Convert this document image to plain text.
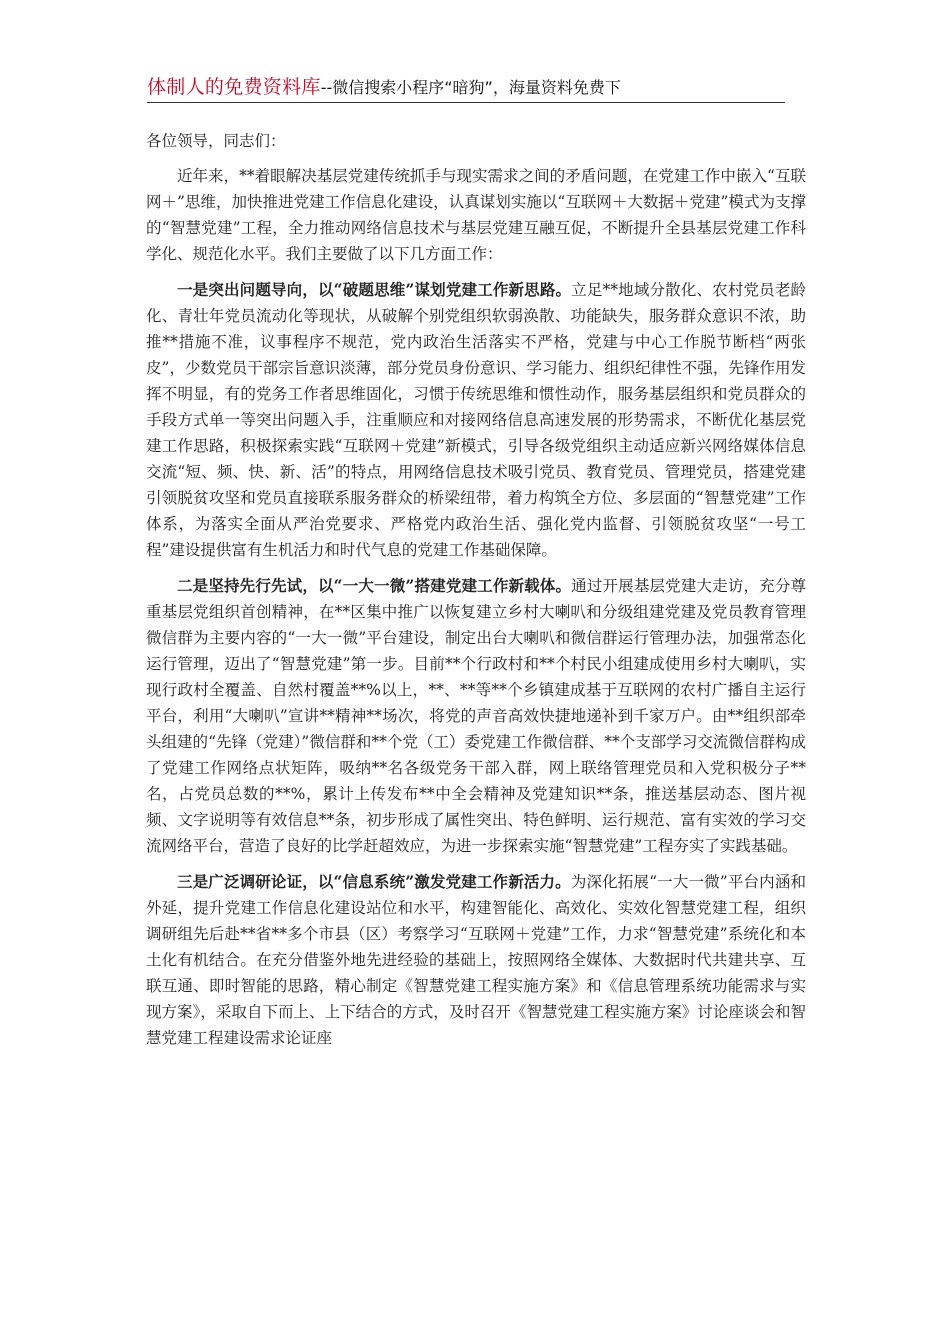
体制人的免费资料库--微信搜索小程序“暗狗”，海量资料免费下

各位领导，同志们：

近年来，**着眼解决基层党建传统抓手与现实需求之间的矛盾问题，在党建工作中嵌入“互联网＋”思维，加快推进党建工作信息化建设，认真谋划实施以“互联网＋大数据＋党建”模式为支撑的“智慧党建”工程，全力推动网络信息技术与基层党建互融互促，不断提升全县基层党建工作科学化、规范化水平。我们主要做了以下几方面工作：

一是突出问题导向，以“破题思维”谋划党建工作新思路。立足**地域分散化、农村党员老龄化、青壮年党员流动化等现状，从破解个别党组织软弱涣散、功能缺失，服务群众意识不浓，助推**措施不准，议事程序不规范，党内政治生活落实不严格，党建与中心工作脱节断档“两张皮”，少数党员干部宗旨意识淡薄，部分党员身份意识、学习能力、组织纪律性不强，先锋作用发挥不明显，有的党务工作者思维固化，习惯于传统思维和惯性动作，服务基层组织和党员群众的手段方式单一等突出问题入手，注重顺应和对接网络信息高速发展的形势需求，不断优化基层党建工作思路，积极探索实践“互联网＋党建”新模式，引导各级党组织主动适应新兴网络媒体信息交流“短、频、快、新、活”的特点，用网络信息技术吸引党员、教育党员、管理党员，搭建党建引领脱贫攻坚和党员直接联系服务群众的桥梁纽带，着力构筑全方位、多层面的“智慧党建”工作体系，为落实全面从严治党要求、严格党内政治生活、强化党内监督、引领脱贫攻坚“一号工程”建设提供富有生机活力和时代气息的党建工作基础保障。

二是坚持先行先试，以“一大一微”搭建党建工作新载体。通过开展基层党建大走访，充分尊重基层党组织首创精神，在**区集中推广以恢复建立乡村大喇叭和分级组建党建及党员教育管理微信群为主要内容的“一大一微”平台建设，制定出台大喇叭和微信群运行管理办法，加强常态化运行管理，迈出了“智慧党建”第一步。目前**个行政村和**个村民小组建成使用乡村大喇叭，实现行政村全覆盖、自然村覆盖**%以上，**、**等**个乡镇建成基于互联网的农村广播自主运行平台，利用“大喇叭”宣讲**精神**场次，将党的声音高效快捷地递补到千家万户。由**组织部牵头组建的“先锋（党建）”微信群和**个党（工）委党建工作微信群、**个支部学习交流微信群构成了党建工作网络点状矩阵，吸纳**名各级党务干部入群，网上联络管理党员和入党积极分子**名，占党员总数的**%，累计上传发布**中全会精神及党建知识**条，推送基层动态、图片视频、文字说明等有效信息**条，初步形成了属性突出、特色鲜明、运行规范、富有实效的学习交流网络平台，营造了良好的比学赶超效应，为进一步探索实施“智慧党建”工程夯实了实践基础。

三是广泛调研论证，以“信息系统”激发党建工作新活力。为深化拓展“一大一微”平台内涵和外延，提升党建工作信息化建设站位和水平，构建智能化、高效化、实效化智慧党建工程，组织调研组先后赴**省**多个市县（区）考察学习“互联网＋党建”工作，力求“智慧党建”系统化和本土化有机结合。在充分借鉴外地先进经验的基础上，按照网络全媒体、大数据时代共建共享、互联互通、即时智能的思路，精心制定《智慧党建工程实施方案》和《信息管理系统功能需求与实现方案》，采取自下而上、上下结合的方式，及时召开《智慧党建工程实施方案》讨论座谈会和智慧党建工程建设需求论证座
